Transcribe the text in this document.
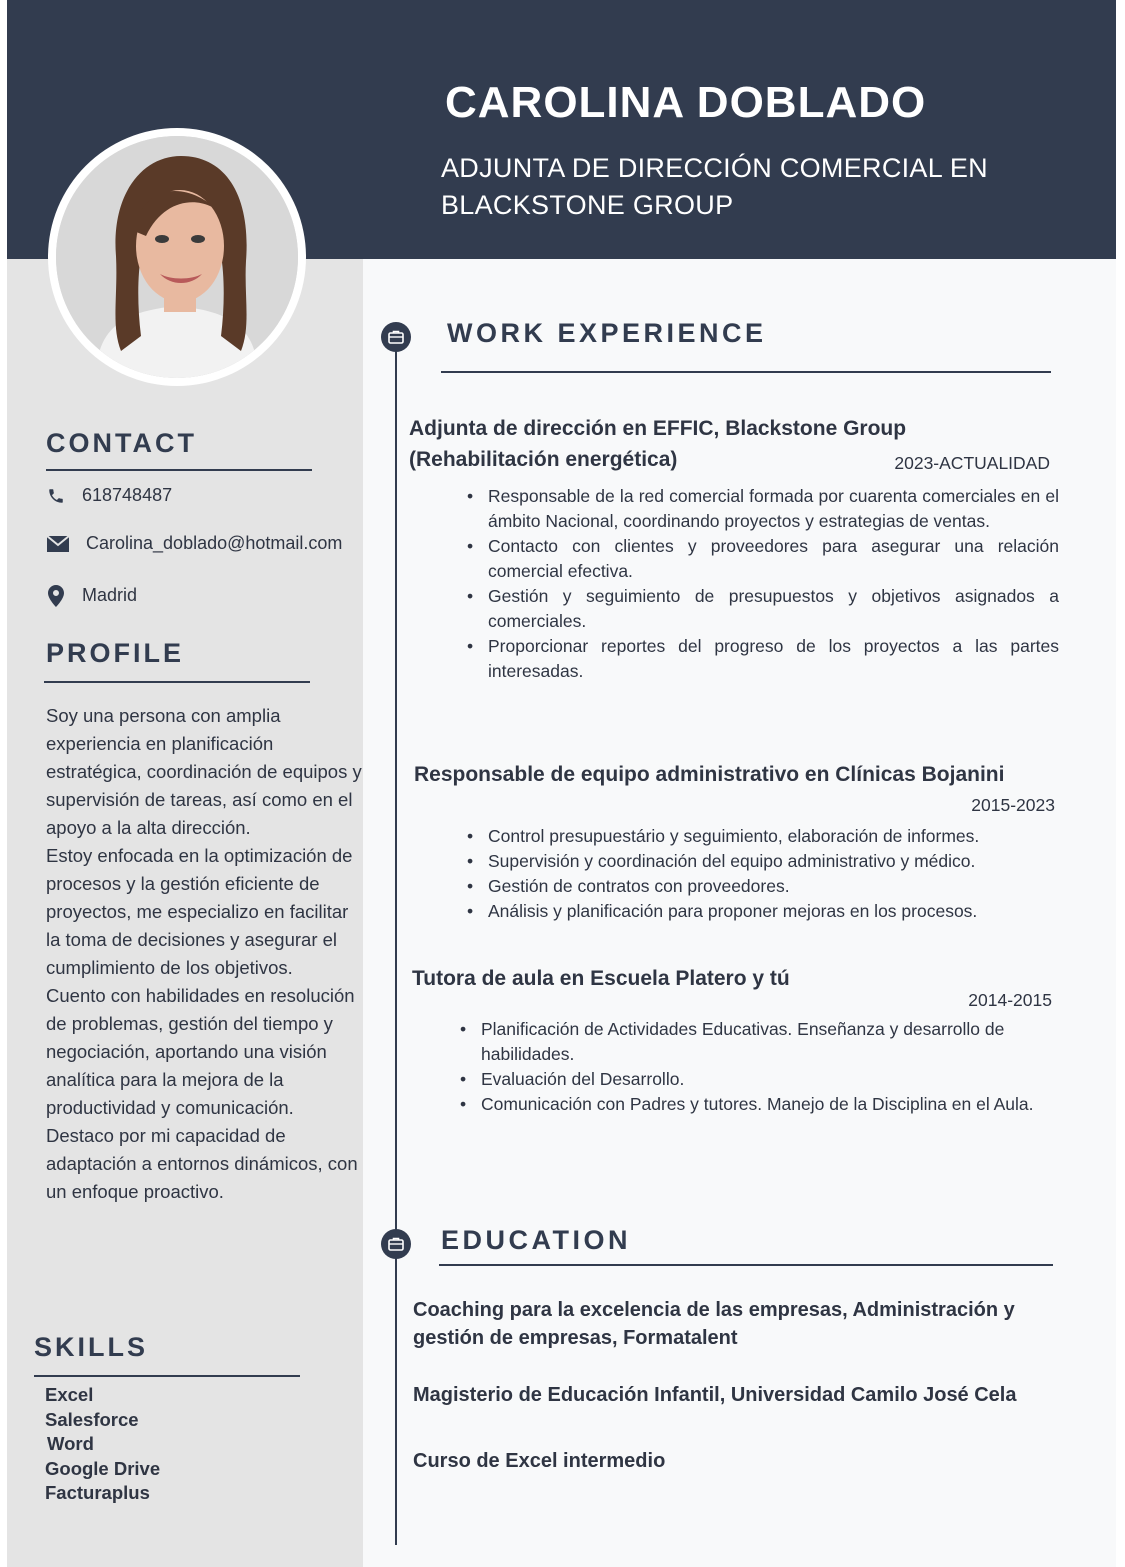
CAROLINA DOBLADO
ADJUNTA DE DIRECCIÓN COMERCIAL EN
BLACKSTONE GROUP
CONTACT
618748487
Carolina_doblado@hotmail.com
Madrid
PROFILE

Soy una persona con amplia experiencia en planificación estratégica, coordinación de equipos y supervisión de tareas, así como en el apoyo a la alta dirección.

Estoy enfocada en la optimización de procesos y la gestión eficiente de proyectos, me especializo en facilitar la toma de decisiones y asegurar el cumplimiento de los objetivos.

Cuento con habilidades en resolución de problemas, gestión del tiempo y negociación, aportando una visión analítica para la mejora de la productividad y comunicación.

Destaco por mi capacidad de adaptación a entornos dinámicos, con un enfoque proactivo.

SKILLS
Excel
Salesforce
Word
Google Drive
Facturaplus
WORK EXPERIENCE
Adjunta de dirección en EFFIC, Blackstone Group
(Rehabilitación energética)	2023-ACTUALIDAD
• Responsable de la red comercial formada por cuarenta comerciales en el ámbito Nacional, coordinando proyectos y estrategias de ventas.
• Contacto con clientes y proveedores para asegurar una relación comercial efectiva.
• Gestión y seguimiento de presupuestos y objetivos asignados a comerciales.
• Proporcionar reportes del progreso de los proyectos a las partes interesadas.
Responsable de equipo administrativo en Clínicas Bojanini
2015-2023
• Control presupuestário y seguimiento, elaboración de informes.
• Supervisión y coordinación del equipo administrativo y médico.
• Gestión de contratos con proveedores.
• Análisis y planificación para proponer mejoras en los procesos.
Tutora de aula en Escuela Platero y tú
2014-2015
• Planificación de Actividades Educativas. Enseñanza y desarrollo de habilidades.
• Evaluación del Desarrollo.
• Comunicación con Padres y tutores. Manejo de la Disciplina en el Aula.
EDUCATION
Coaching para la excelencia de las empresas, Administración y gestión de empresas, Formatalent
Magisterio de Educación Infantil, Universidad Camilo José Cela
Curso de Excel intermedio
